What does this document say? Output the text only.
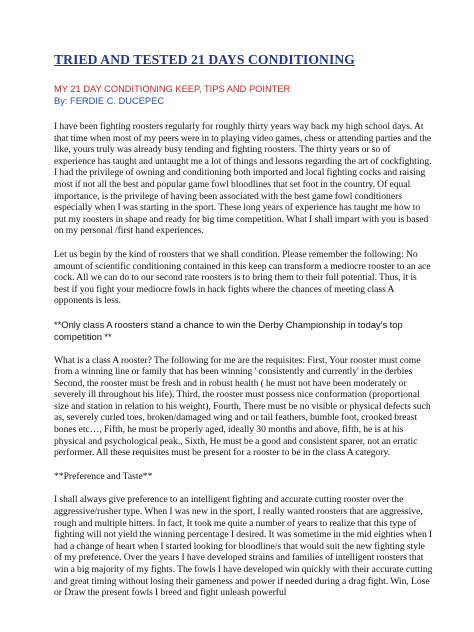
TRIED AND TESTED 21 DAYS CONDITIONING
MY 21 DAY CONDITIONING KEEP, TIPS AND POINTER
By: FERDIE C. DUCEPEC

I have been fighting roosters regularly for roughly thirty years way back my high school days. At that time when most of my peers were in to playing video games, chess or attending parties and the like, yours truly was already busy tending and fighting roosters. The thirty years or so of experience has taught and untaught me a lot of things and lessons regarding the art of cockfighting. I had the privilege of owning and conditioning both imported and local fighting cocks and raising most if not all the best and popular game fowl bloodlines that set foot in the country. Of equal importance, is the privilege of having been associated with the best game fowl conditioners especially when I was starting in the sport. These long years of experience has taught me how to put my roosters in shape and ready for big time competition. What I shall impart with you is based on my personal /first hand experiences.

Let us begin by the kind of roosters that we shall condition. Please remember the following: No amount of scientific conditioning contained in this keep can transform a mediocre rooster to an ace cock. All we can do to our second rate roosters is to bring them to their full potential. Thus, it is best if you fight your mediocre fowls in hack fights where the chances of meeting class A opponents is less.

**Only class A roosters stand a chance to win the Derby Championship in today's top competition **

What is a class A rooster? The following for me are the requisites: First, Your rooster must come from a winning line or family that has been winning ' consistently and currently' in the derbies Second, the rooster must be fresh and in robust health ( he must not have been moderately or severely ill throughout his life). Third, the rooster must possess nice conformation (proportional size and station in relation to his weight), Fourth, There must be no visible or physical defects such as, severely curled toes, broken/damaged wing and or tail feathers, bumble foot, crooked breast bones etc…, Fifth, he must be properly aged, ideally 30 months and above, fifth, he is at his physical and psychological peak., Sixth, He must be a good and consistent sparer, not an erratic performer. All these requisites must be present for a rooster to be in the class A category.

**Preference and Taste**

I shall always give preference to an intelligent fighting and accurate cutting rooster over the aggressive/rusher type. When I was new in the sport, I really wanted roosters that are aggressive, rough and multiple hitters. In fact, It took me quite a number of years to realize that this type of fighting will not yield the winning percentage I desired. It was sometime in the mid eighties when I had a change of heart when I started looking for bloodline/s that would suit the new fighting style of my preference. Over the years I have developed strains and families of intelligent roosters that win a big majority of my fights. The fowls I have developed win quickly with their accurate cutting and great timing without losing their gameness and power if needed during a drag fight. Win, Lose or Draw the present fowls I breed and fight unleash powerful
